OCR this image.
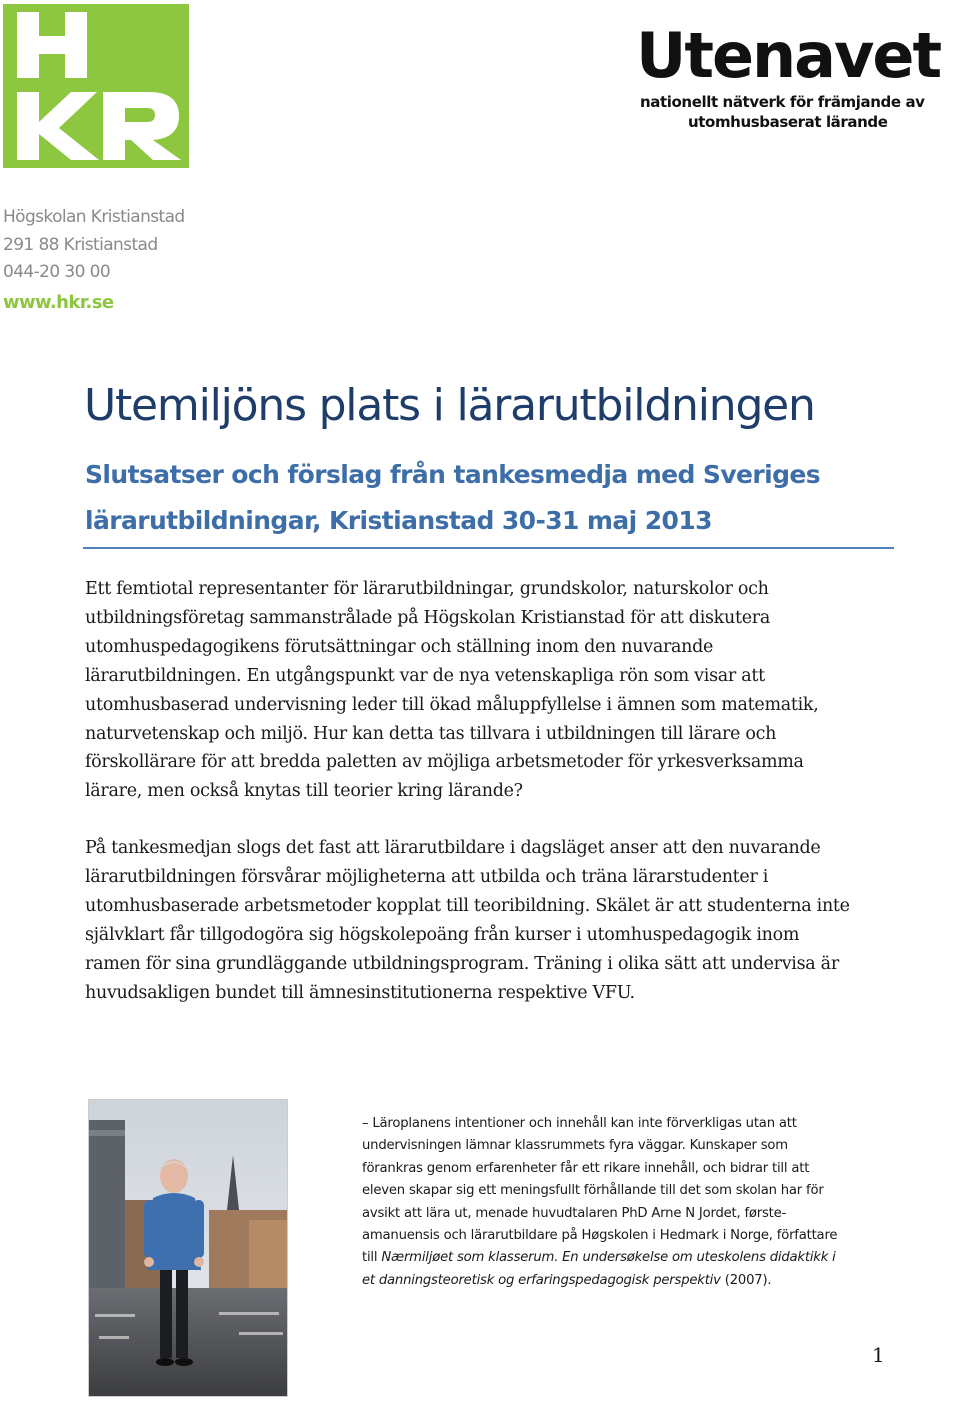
Högskolan Kristianstad
291 88 Kristianstad
044-20 30 00
www.hkr.se
Utenavet
nationellt nätverk för främjande av
utomhusbaserat lärande
Utemiljöns plats i lärarutbildningen
Slutsatser och förslag från tankesmedja med Sveriges lärarutbildningar, Kristianstad 30-31 maj 2013

Ett femtiotal representanter för lärarutbildningar, grundskolor, naturskolor och utbildningsföretag sammanstrålade på Högskolan Kristianstad för att diskutera utomhuspedagogikens förutsättningar och ställning inom den nuvarande lärarutbildningen. En utgångspunkt var de nya vetenskapliga rön som visar att utomhusbaserad undervisning leder till ökad måluppfyllelse i ämnen som matematik, naturvetenskap och miljö. Hur kan detta tas tillvara i utbildningen till lärare och förskollärare för att bredda paletten av möjliga arbetsmetoder för yrkesverksamma lärare, men också knytas till teorier kring lärande?

På tankesmedjan slogs det fast att lärarutbildare i dagsläget anser att den nuvarande lärarutbildningen försvårar möjligheterna att utbilda och träna lärarstudenter i utomhusbaserade arbetsmetoder kopplat till teoribildning. Skälet är att studenterna inte självklart får tillgodogöra sig högskolepoäng från kurser i utomhuspedagogik inom ramen för sina grundläggande utbildningsprogram. Träning i olika sätt att undervisa är huvudsakligen bundet till ämnesinstitutionerna respektive VFU.

– Läroplanens intentioner och innehåll kan inte förverkligas utan att undervisningen lämnar klassrummets fyra väggar. Kunskaper som förankras genom erfarenheter får ett rikare innehåll, och bidrar till att eleven skapar sig ett meningsfullt förhållande till det som skolan har för avsikt att lära ut, menade huvudtalaren PhD Arne N Jordet, førsteamanuensis och lärarutbildare på Høgskolen i Hedmark i Norge, författare till Nærmiljøet som klasserum. En undersøkelse om uteskolens didaktikk i et danningsteoretisk og erfaringspedagogisk perspektiv (2007).

1
